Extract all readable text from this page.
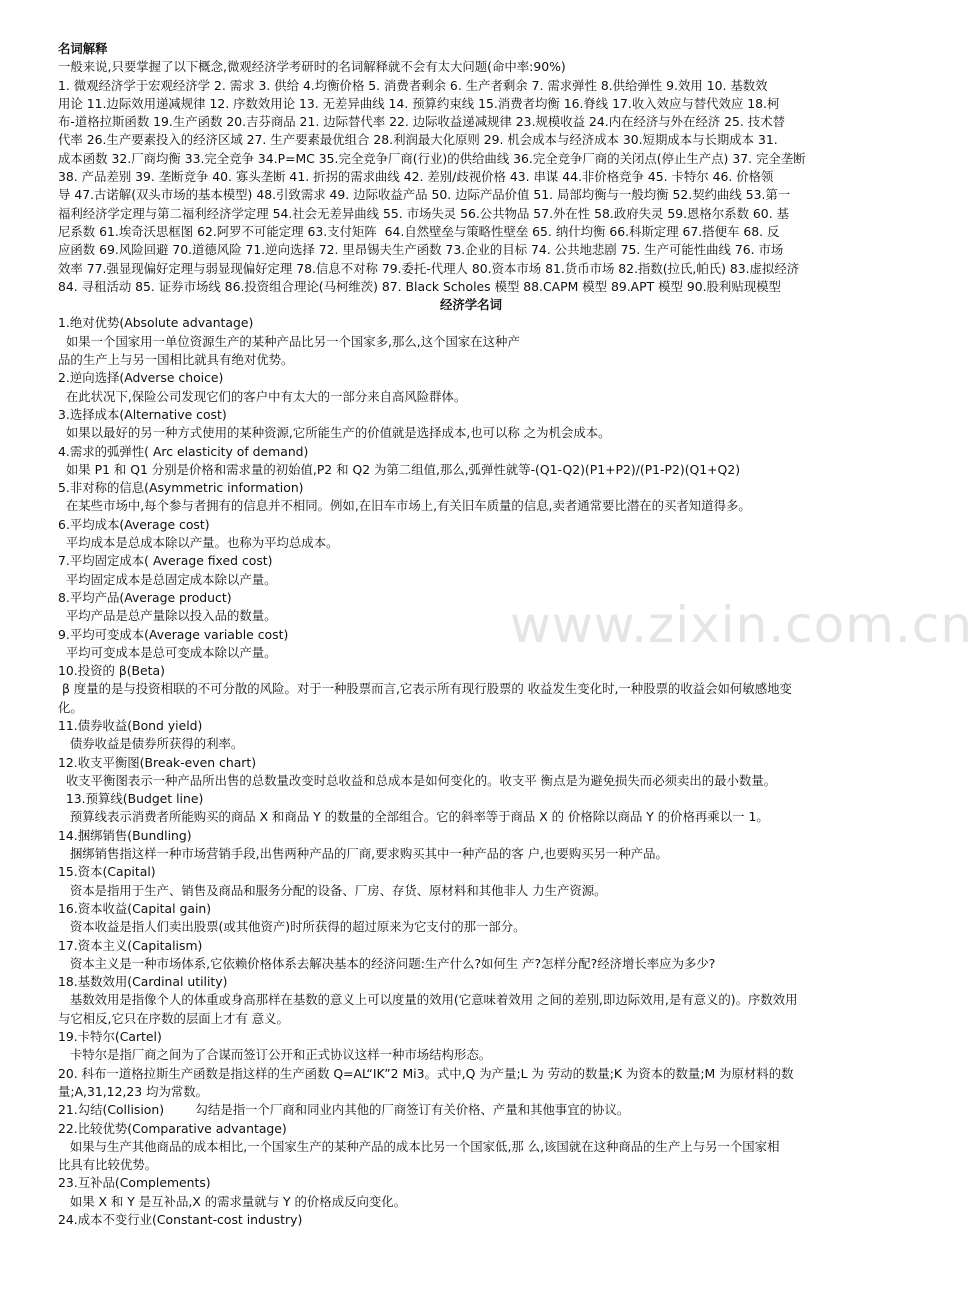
名词解释

一般来说,只要掌握了以下概念,微观经济学考研时的名词解释就不会有太大问题(命中率:90%)

1. 微观经济学于宏观经济学 2. 需求 3. 供给 4.均衡价格 5. 消费者剩余 6. 生产者剩余 7. 需求弹性 8.供给弹性 9.效用 10. 基数效

用论 11.边际效用递减规律 12. 序数效用论 13. 无差异曲线 14. 预算约束线 15.消费者均衡 16.脊线 17.收入效应与替代效应 18.柯

布-道格拉斯函数 19.生产函数 20.吉芬商品 21. 边际替代率 22. 边际收益递减规律 23.规模收益 24.内在经济与外在经济 25. 技术替

代率 26.生产要素投入的经济区域 27. 生产要素最优组合 28.利润最大化原则 29. 机会成本与经济成本 30.短期成本与长期成本 31.

成本函数 32.厂商均衡 33.完全竞争 34.P=MC 35.完全竞争厂商(行业)的供给曲线 36.完全竞争厂商的关闭点(停止生产点) 37. 完全垄断

38. 产品差别 39. 垄断竞争 40. 寡头垄断 41. 折拐的需求曲线 42. 差别/歧视价格 43. 串谋 44.非价格竞争 45. 卡特尔 46. 价格领

导 47.古诺解(双头市场的基本模型) 48.引致需求 49. 边际收益产品 50. 边际产品价值 51. 局部均衡与一般均衡 52.契约曲线 53.第一

福利经济学定理与第二福利经济学定理 54.社会无差异曲线 55. 市场失灵 56.公共物品 57.外在性 58.政府失灵 59.恩格尔系数 60. 基

尼系数 61.埃奇沃思框图 62.阿罗不可能定理 63.支付矩阵  64.自然壁垒与策略性壁垒 65. 纳什均衡 66.科斯定理 67.搭便车 68. 反

应函数 69.风险回避 70.道德风险 71.逆向选择 72. 里昂锡夫生产函数 73.企业的目标 74. 公共地悲剧 75. 生产可能性曲线 76. 市场

效率 77.强显现偏好定理与弱显现偏好定理 78.信息不对称 79.委托-代理人 80.资本市场 81.货币市场 82.指数(拉氏,帕氏) 83.虚拟经济

84. 寻租活动 85. 证券市场线 86.投资组合理论(马柯维茨) 87. Black Scholes 模型 88.CAPM 模型 89.APT 模型 90.股利贴现模型

经济学名词

1.绝对优势(Absolute advantage)

如果一个国家用一单位资源生产的某种产品比另一个国家多,那么,这个国家在这种产

品的生产上与另一国相比就具有绝对优势。

2.逆向选择(Adverse choice)

在此状况下,保险公司发现它们的客户中有太大的一部分来自高风险群体。

3.选择成本(Alternative cost)

如果以最好的另一种方式使用的某种资源,它所能生产的价值就是选择成本,也可以称 之为机会成本。

4.需求的弧弹性( Arc elasticity of demand)

如果 P1 和 Q1 分别是价格和需求量的初始值,P2 和 Q2 为第二组值,那么,弧弹性就等-(Q1-Q2)(P1+P2)/(P1-P2)(Q1+Q2)

5.非对称的信息(Asymmetric information)

在某些市场中,每个参与者拥有的信息并不相同。例如,在旧车市场上,有关旧车质量的信息,卖者通常要比潜在的买者知道得多。

6.平均成本(Average cost)

平均成本是总成本除以产量。也称为平均总成本。

7.平均固定成本( Average fixed cost)

平均固定成本是总固定成本除以产量。

8.平均产品(Average product)

平均产品是总产量除以投入品的数量。

9.平均可变成本(Average variable cost)

平均可变成本是总可变成本除以产量。

10.投资的 β(Beta)

β 度量的是与投资相联的不可分散的风险。对于一种股票而言,它表示所有现行股票的 收益发生变化时,一种股票的收益会如何敏感地变

化。

11.债券收益(Bond yield)

债券收益是债券所获得的利率。

12.收支平衡图(Break-even chart)

收支平衡图表示一种产品所出售的总数量改变时总收益和总成本是如何变化的。收支平 衡点是为避免损失而必须卖出的最小数量。

13.预算线(Budget line)

预算线表示消费者所能购买的商品 X 和商品 Y 的数量的全部组合。它的斜率等于商品 X 的 价格除以商品 Y 的价格再乘以一 1。

14.捆绑销售(Bundling)

捆绑销售指这样一种市场营销手段,出售两种产品的厂商,要求购买其中一种产品的客 户,也要购买另一种产品。

15.资本(Capital)

资本是指用于生产、销售及商品和服务分配的设备、厂房、存货、原材料和其他非人 力生产资源。

16.资本收益(Capital gain)

资本收益是指人们卖出股票(或其他资产)时所获得的超过原来为它支付的那一部分。

17.资本主义(Capitalism)

资本主义是一种市场体系,它依赖价格体系去解决基本的经济问题:生产什么?如何生 产?怎样分配?经济增长率应为多少?

18.基数效用(Cardinal utility)

基数效用是指像个人的体重或身高那样在基数的意义上可以度量的效用(它意味着效用 之间的差别,即边际效用,是有意义的)。序数效用

与它相反,它只在序数的层面上才有 意义。

19.卡特尔(Cartel)

卡特尔是指厂商之间为了合谋而签订公开和正式协议这样一种市场结构形态。

20. 科布一道格拉斯生产函数是指这样的生产函数 Q=AL“IK”2 Mi3。式中,Q 为产量;L 为 劳动的数量;K 为资本的数量;M 为原材料的数

量;A,31,12,23 均为常数。

21.勾结(Collision)        勾结是指一个厂商和同业内其他的厂商签订有关价格、产量和其他事宜的协议。

22.比较优势(Comparative advantage)

如果与生产其他商品的成本相比,一个国家生产的某种产品的成本比另一个国家低,那 么,该国就在这种商品的生产上与另一个国家相

比具有比较优势。

23.互补品(Complements)

如果 X 和 Y 是互补品,X 的需求量就与 Y 的价格成反向变化。

24.成本不变行业(Constant-cost industry)

www.zixin.com.cn
